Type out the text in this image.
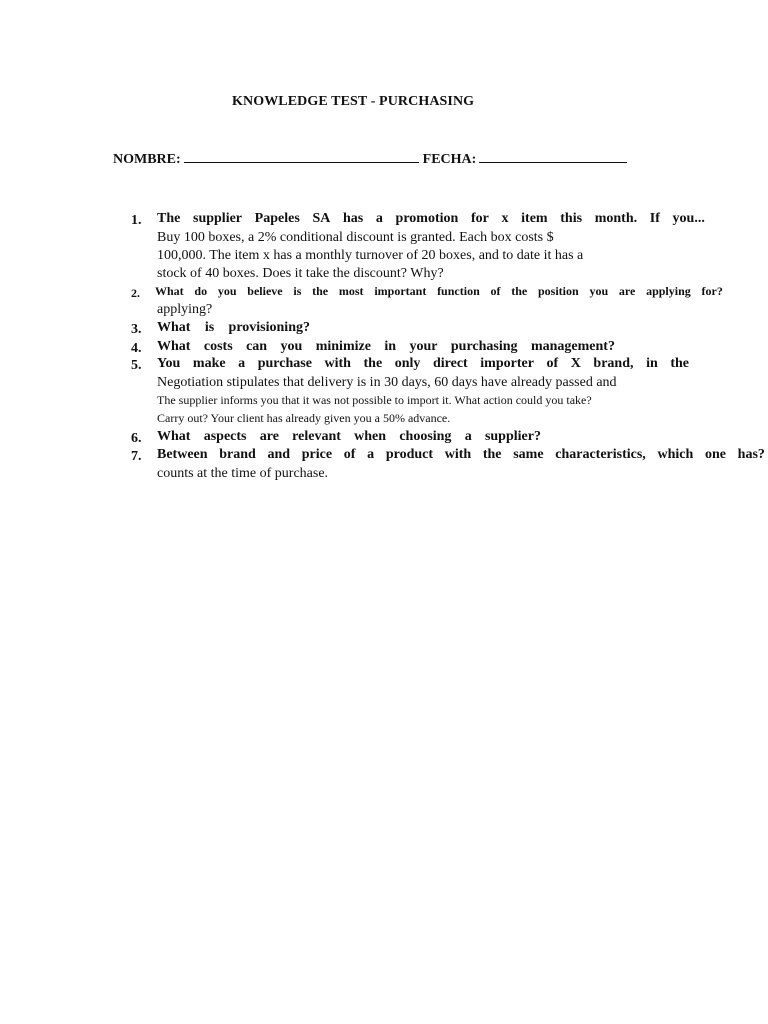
KNOWLEDGE TEST - PURCHASING
NOMBRE:	FECHA:
1.	The supplier Papeles SA has a promotion for x item this month. If you...
Buy 100 boxes, a 2% conditional discount is granted. Each box costs $
100,000. The item x has a monthly turnover of 20 boxes, and to date it has a
stock of 40 boxes. Does it take the discount? Why?
2.	What do you believe is the most important function of the position you are applying for?
applying?
3.	What is provisioning?
4.	What costs can you minimize in your purchasing management?
5.	You make a purchase with the only direct importer of X brand, in the
Negotiation stipulates that delivery is in 30 days, 60 days have already passed and
The supplier informs you that it was not possible to import it. What action could you take?
Carry out? Your client has already given you a 50% advance.
6.	What aspects are relevant when choosing a supplier?
7.	Between brand and price of a product with the same characteristics, which one has?
counts at the time of purchase.
